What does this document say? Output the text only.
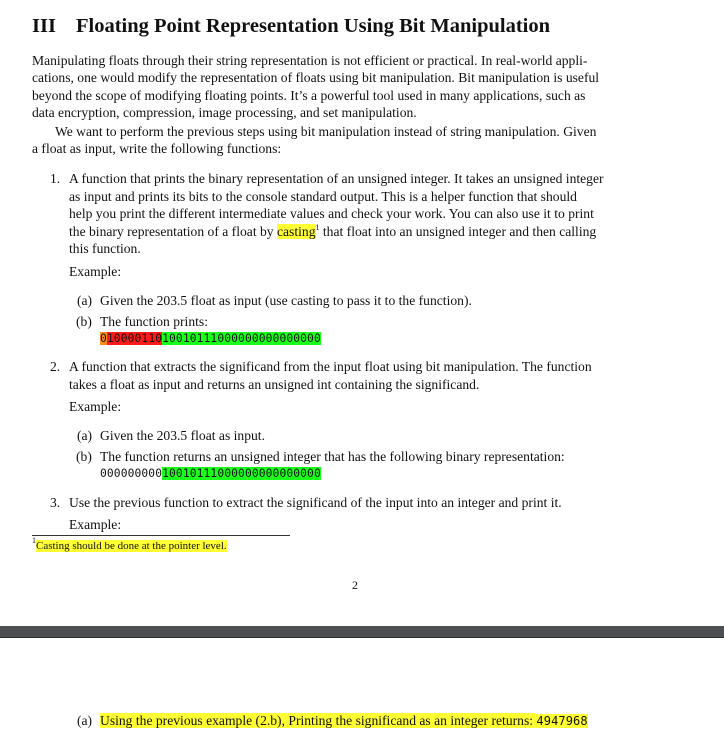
III Floating Point Representation Using Bit Manipulation
Manipulating floats through their string representation is not efficient or practical. In real-world appli-
cations, one would modify the representation of floats using bit manipulation. Bit manipulation is useful
beyond the scope of modifying floating points. It’s a powerful tool used in many applications, such as
data encryption, compression, image processing, and set manipulation.
We want to perform the previous steps using bit manipulation instead of string manipulation. Given
a float as input, write the following functions:
1. A function that prints the binary representation of an unsigned integer. It takes an unsigned integer
as input and prints its bits to the console standard output. This is a helper function that should
help you print the different intermediate values and check your work. You can also use it to print
the binary representation of a float by casting$^1$ that float into an unsigned integer and then calling
this function.
Example:
(a) Given the 203.5 float as input (use casting to pass it to the function).
(b) The function prints:
01000011010010111000000000000000
2. A function that extracts the significand from the input float using bit manipulation. The function
takes a float as input and returns an unsigned int containing the significand.
Example:
(a) Given the 203.5 float as input.
(b) The function returns an unsigned integer that has the following binary representation:
00000000010010111000000000000000
3. Use the previous function to extract the significand of the input into an integer and print it.
Example:
$^1$Casting should be done at the pointer level.
2
(a) Using the previous example (2.b), Printing the significand as an integer returns: 4947968
